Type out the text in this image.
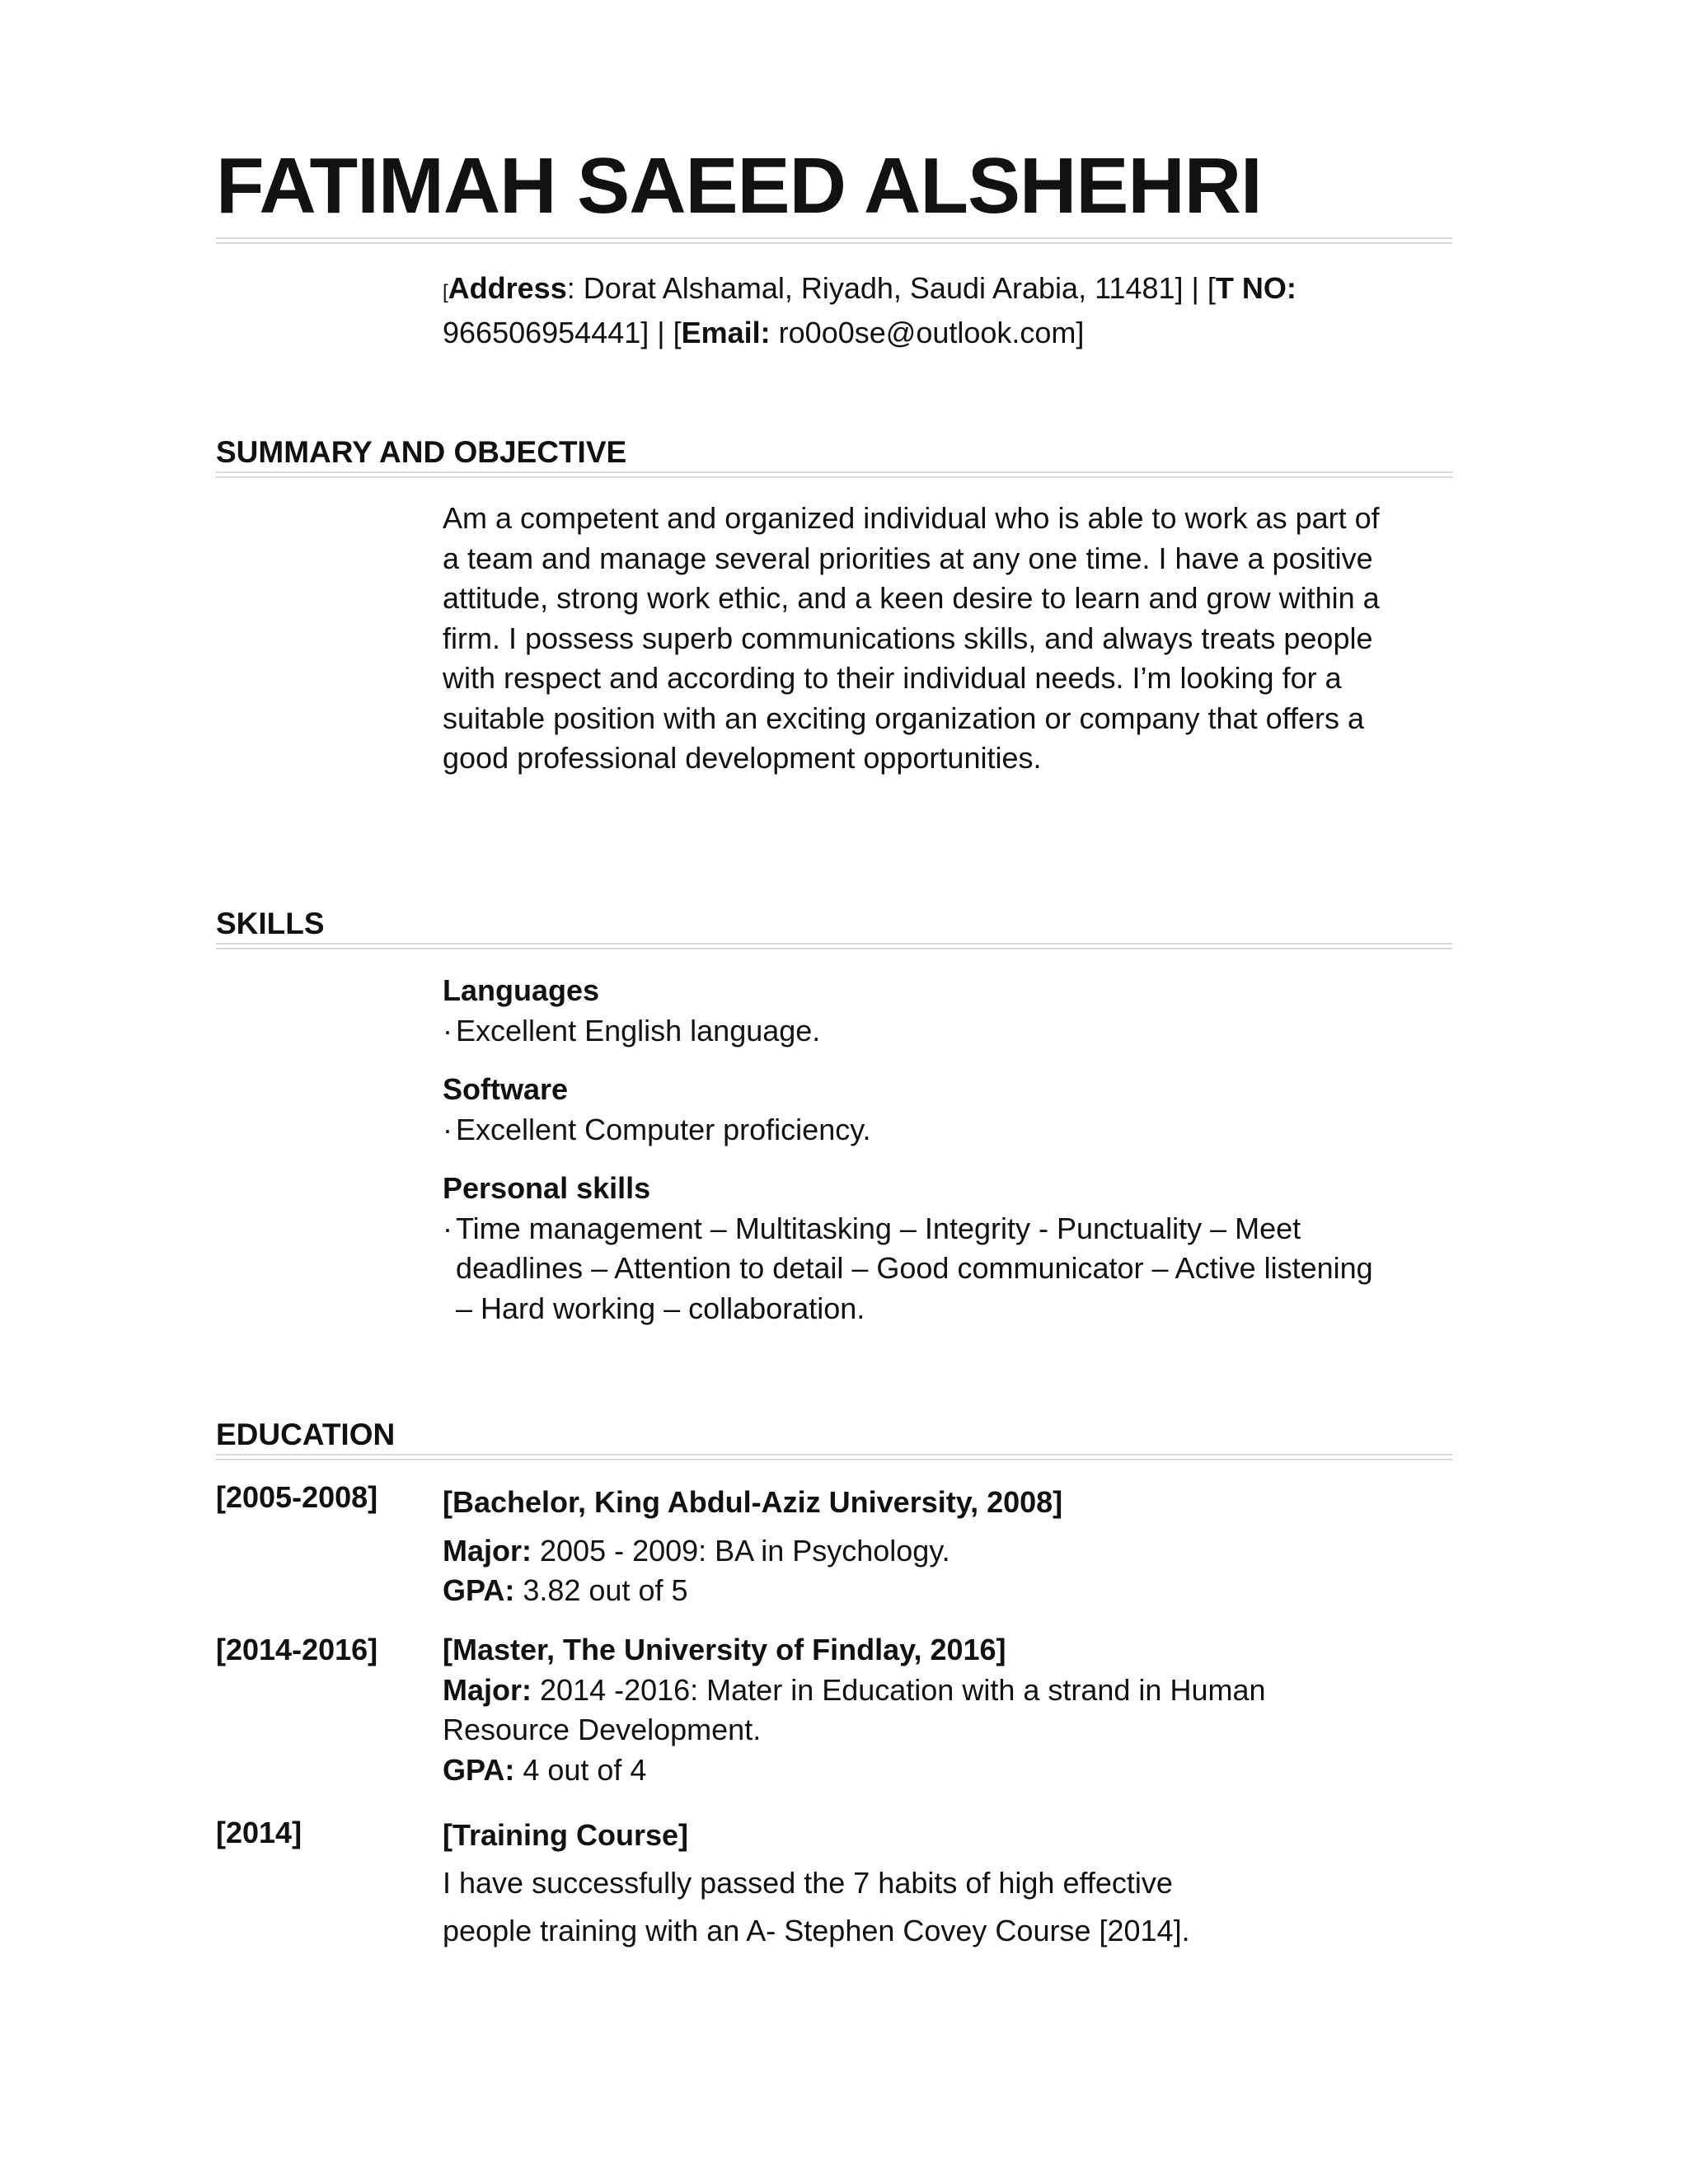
FATIMAH SAEED ALSHEHRI
[Address: Dorat Alshamal, Riyadh, Saudi Arabia, 11481] | [T NO: 966506954441] | [Email: ro0o0se@outlook.com]
SUMMARY AND OBJECTIVE

Am a competent and organized individual who is able to work as part of a team and manage several priorities at any one time. I have a positive attitude, strong work ethic, and a keen desire to learn and grow within a firm. I possess superb communications skills, and always treats people with respect and according to their individual needs. I’m looking for a suitable position with an exciting organization or company that offers a good professional development opportunities.

SKILLS

Languages

· Excellent English language.

Software

· Excellent Computer proficiency.

Personal skills

· Time management – Multitasking – Integrity - Punctuality – Meet deadlines – Attention to detail – Good communicator – Active listening – Hard working – collaboration.

EDUCATION
[2005-2008] [Bachelor, King Abdul-Aziz University, 2008]

Major: 2005 - 2009: BA in Psychology.

GPA: 3.82 out of 5

[2014-2016] [Master, The University of Findlay, 2016]

Major: 2014 -2016: Mater in Education with a strand in Human Resource Development.

GPA: 4 out of 4

[2014]	[Training Course]

I have successfully passed the 7 habits of high effective

people training with an A- Stephen Covey Course [2014].
